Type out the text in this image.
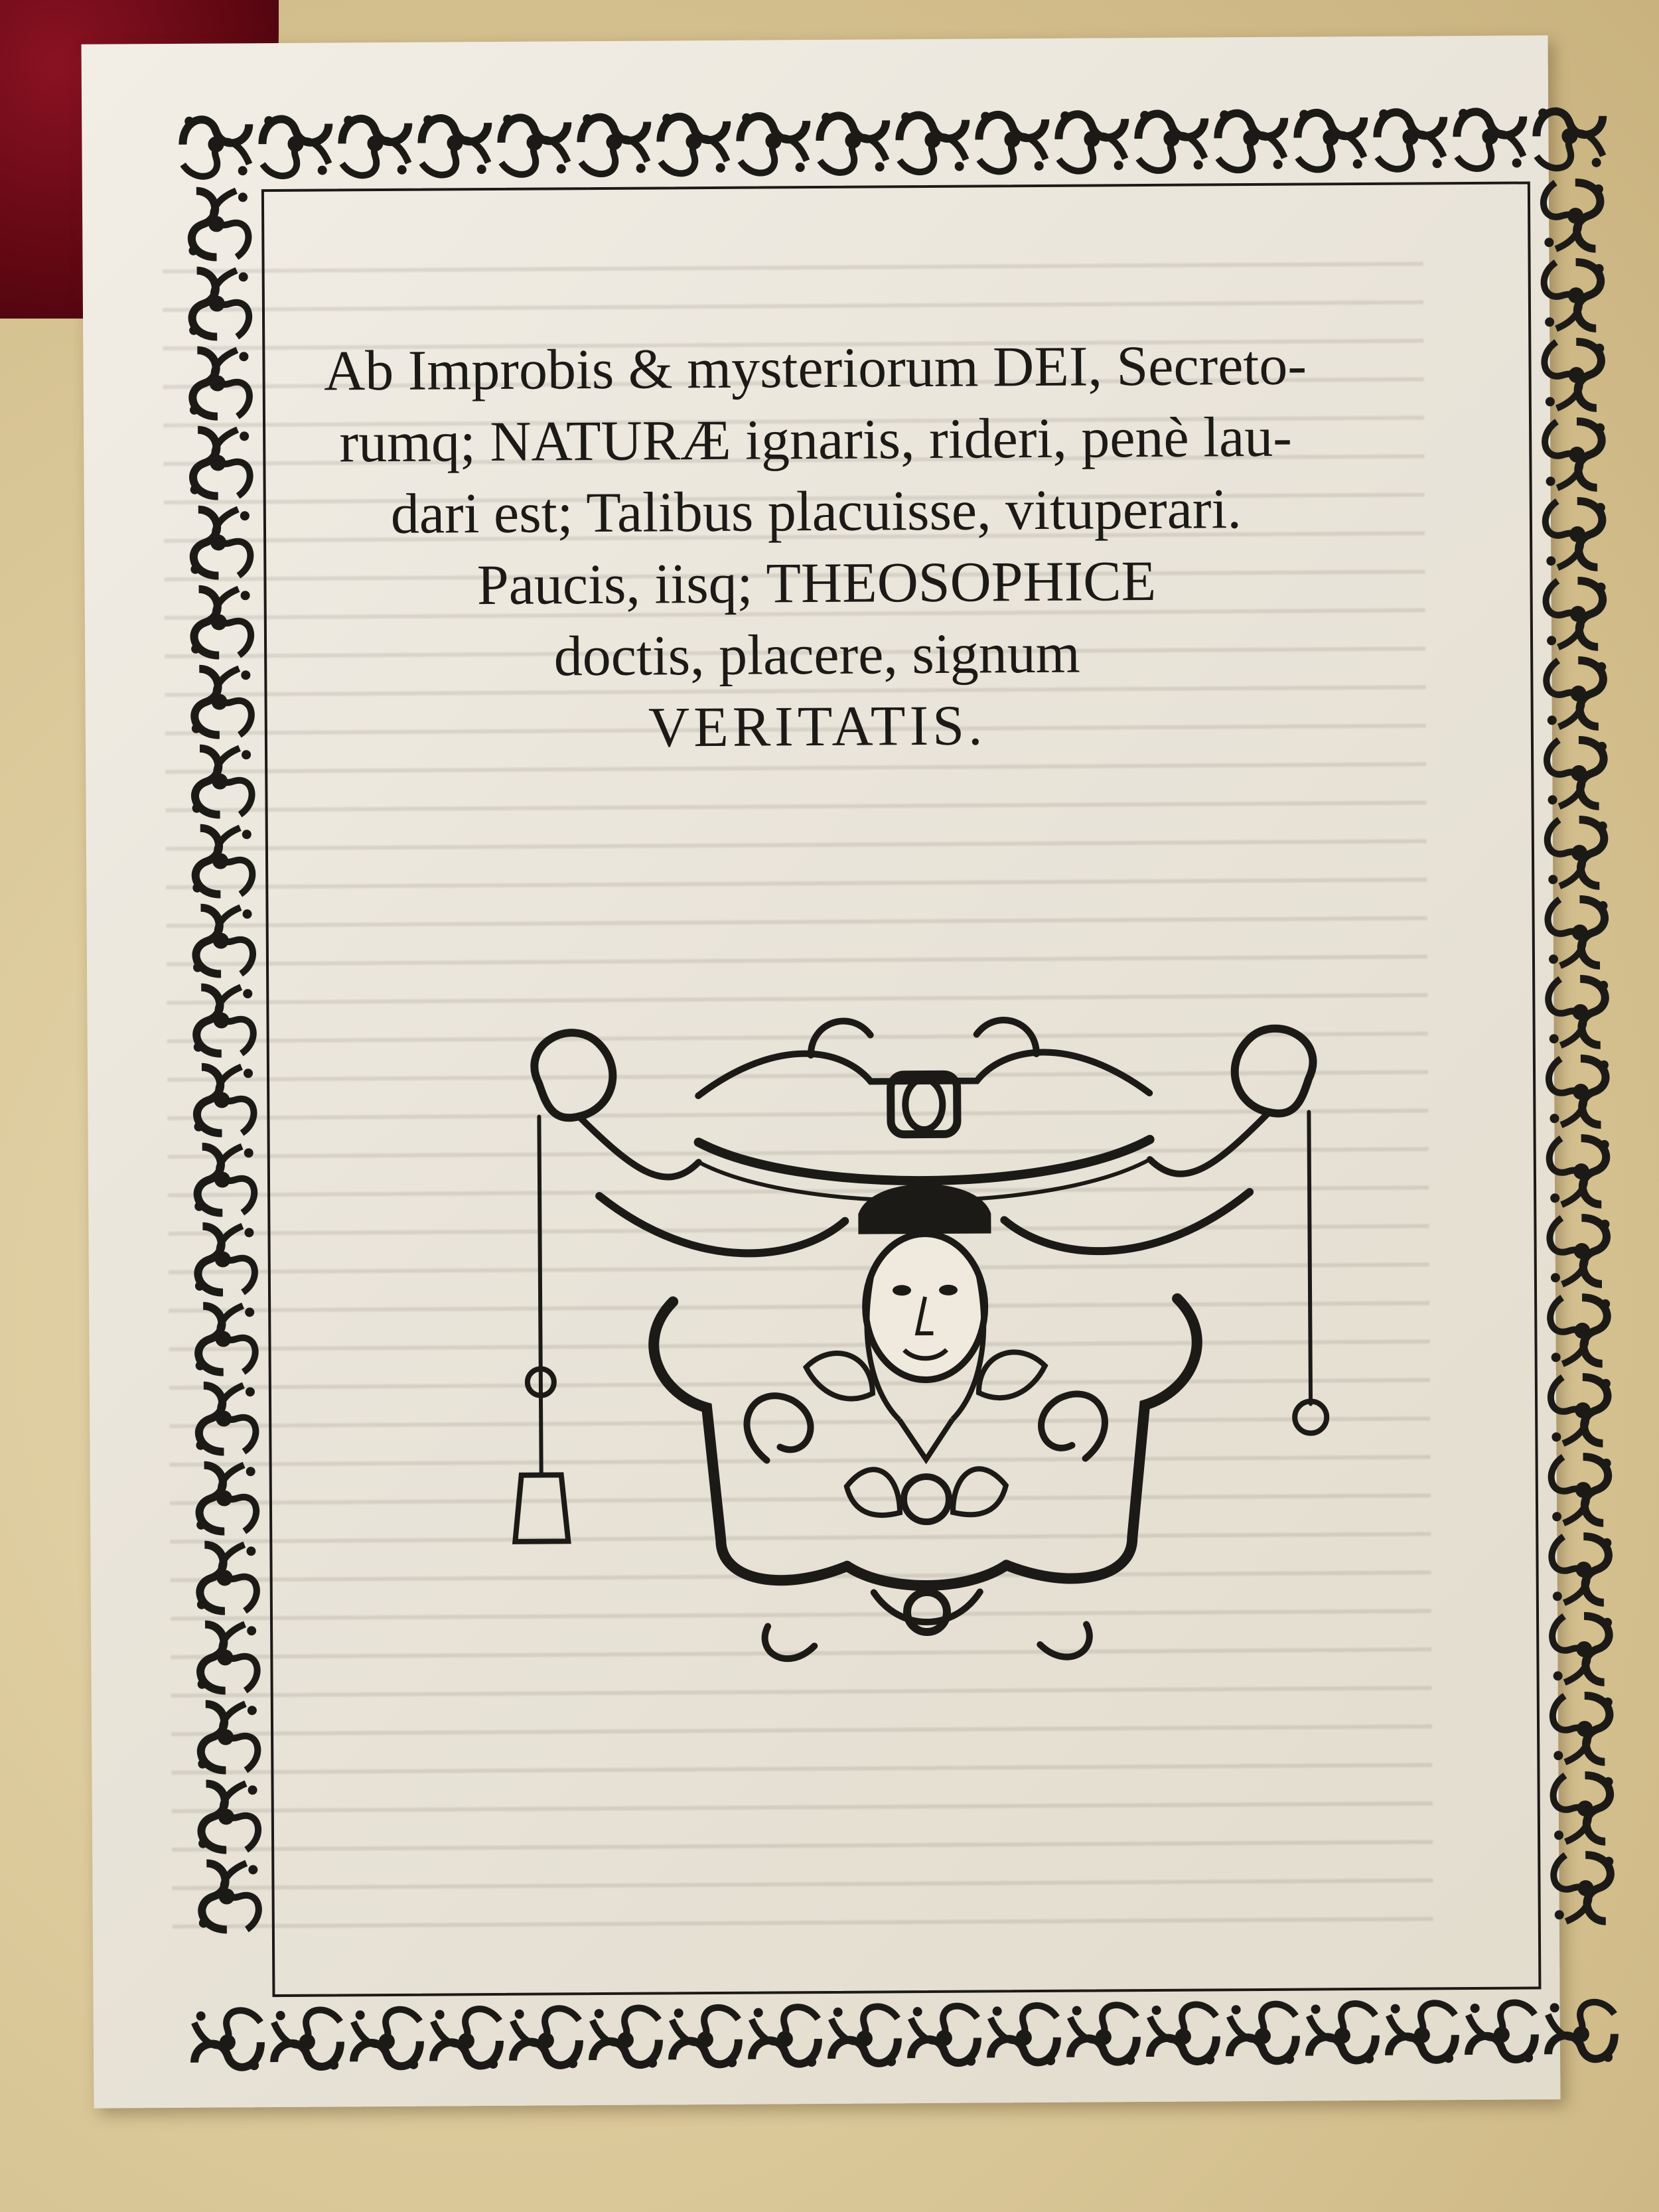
Ab Improbis & mysteriorum DEI, Secreto-
rumq; NATURÆ ignaris, rideri, penè lau-
dari est; Talibus placuisse, vituperari.
Paucis, iisq; THEOSOPHICE
doctis, placere, signum
VERITATIS.
